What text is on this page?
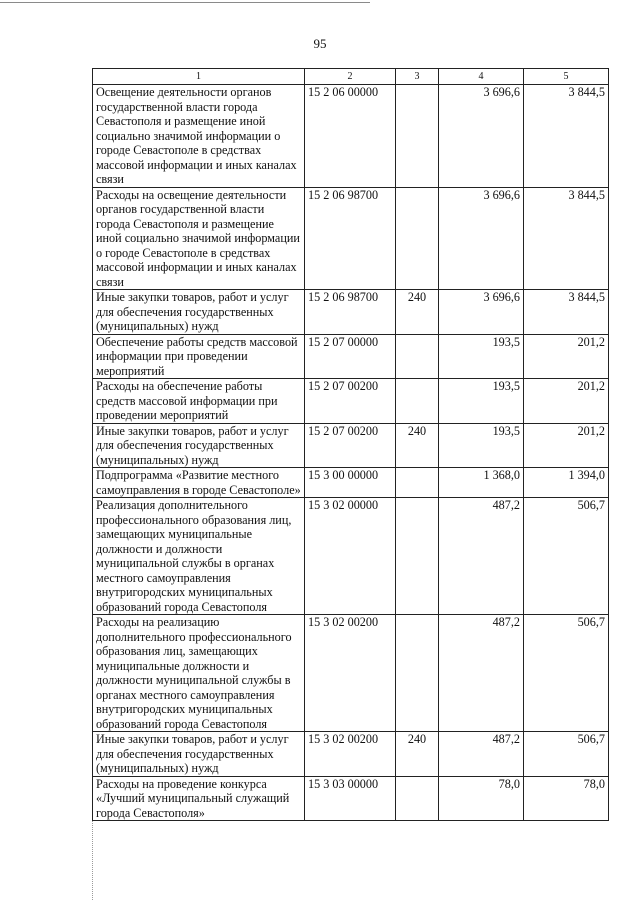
95
1	2	3	4	5
Освещение деятельности органов государственной власти города Севастополя и размещение иной социально значимой информации о городе Севастополе в средствах массовой информации и иных каналах связи	15 2 06 00000		3 696,6	3 844,5
Расходы на освещение деятельности органов государственной власти города Севастополя и размещение иной социально значимой информации о городе Севастополе в средствах массовой информации и иных каналах связи	15 2 06 98700		3 696,6	3 844,5
Иные закупки товаров, работ и услуг для обеспечения государственных (муниципальных) нужд	15 2 06 98700	240	3 696,6	3 844,5
Обеспечение работы средств массовой информации при проведении мероприятий	15 2 07 00000		193,5	201,2
Расходы на обеспечение работы средств массовой информации при проведении мероприятий	15 2 07 00200		193,5	201,2
Иные закупки товаров, работ и услуг для обеспечения государственных (муниципальных) нужд	15 2 07 00200	240	193,5	201,2
Подпрограмма «Развитие местного самоуправления в городе Севастополе»	15 3 00 00000		1 368,0	1 394,0
Реализация дополнительного профессионального образования лиц, замещающих муниципальные должности и должности муниципальной службы в органах местного самоуправления внутригородских муниципальных образований города Севастополя	15 3 02 00000		487,2	506,7
Расходы на реализацию дополнительного профессионального образования лиц, замещающих муниципальные должности и должности муниципальной службы в органах местного самоуправления внутригородских муниципальных образований города Севастополя	15 3 02 00200		487,2	506,7
Иные закупки товаров, работ и услуг для обеспечения государственных (муниципальных) нужд	15 3 02 00200	240	487,2	506,7
Расходы на проведение конкурса «Лучший муниципальный служащий города Севастополя»	15 3 03 00000		78,0	78,0
